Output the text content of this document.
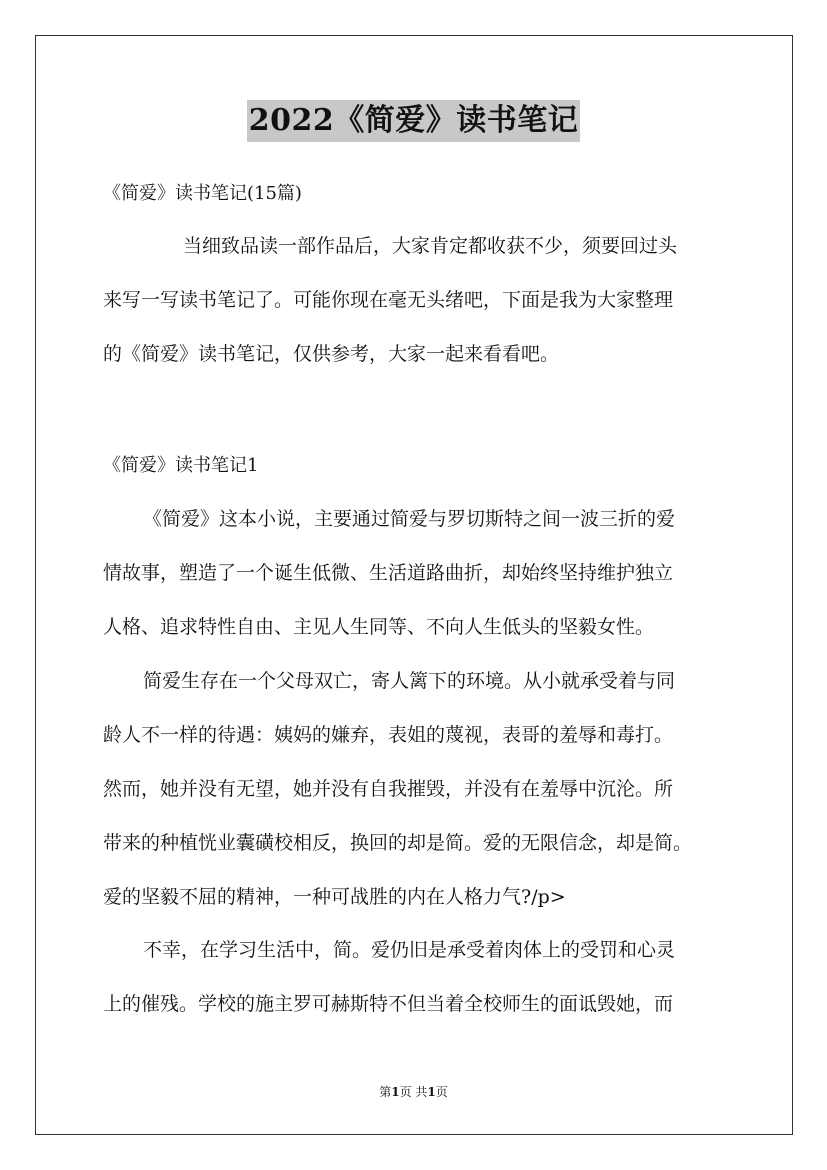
2022《简爱》读书笔记
《简爱》读书笔记(15篇)
当细致品读一部作品后，大家肯定都收获不少，须要回过头
来写一写读书笔记了。可能你现在毫无头绪吧，下面是我为大家整理
的《简爱》读书笔记，仅供参考，大家一起来看看吧。
《简爱》读书笔记1
《简爱》这本小说，主要通过简爱与罗切斯特之间一波三折的爱
情故事，塑造了一个诞生低微、生活道路曲折，却始终坚持维护独立
人格、追求特性自由、主见人生同等、不向人生低头的坚毅女性。
简爱生存在一个父母双亡，寄人篱下的环境。从小就承受着与同
龄人不一样的待遇：姨妈的嫌弃，表姐的蔑视，表哥的羞辱和毒打。
然而，她并没有无望，她并没有自我摧毁，并没有在羞辱中沉沦。所
带来的种植恍业囊磺校相反，换回的却是简。爱的无限信念，却是简。
爱的坚毅不屈的精神，一种可战胜的内在人格力气?/p>
不幸，在学习生活中，简。爱仍旧是承受着肉体上的受罚和心灵
上的催残。学校的施主罗可赫斯特不但当着全校师生的面诋毁她，而
第1页 共1页
